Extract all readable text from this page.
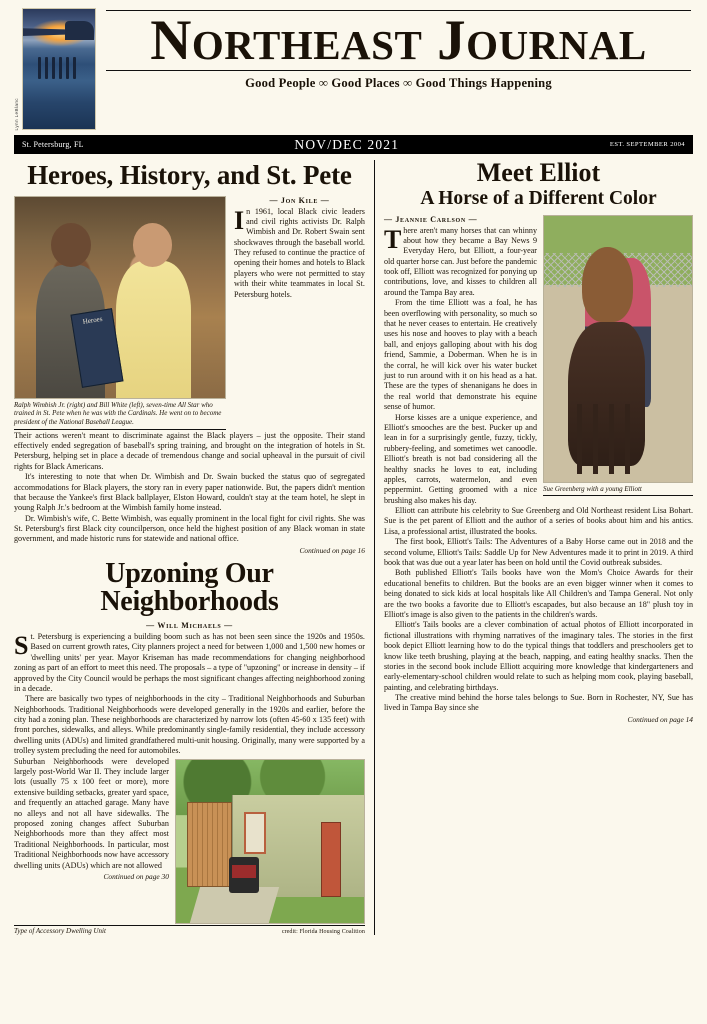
Lynn LeBlanc
NORTHEAST JOURNAL
Good People ∞ Good Places ∞ Good Things Happening
St. Petersburg, FL	NOV/DEC 2021	EST. SEPTEMBER 2004
Heroes, History, and St. Pete
Heroes
Ralph Wimbish Jr. (right) and Bill White (left), seven-time All Star who trained in St. Pete when he was with the Cardinals. He went on to become president of the National Baseball League.
— Jon Kile —

In 1961, local Black civic leaders and civil rights activists Dr. Ralph Wimbish and Dr. Robert Swain sent shockwaves through the baseball world. They refused to continue the practice of opening their homes and hotels to Black players who were not permitted to stay with their white teammates in local St. Petersburg hotels.

Their actions weren't meant to discriminate against the Black players – just the opposite. Their stand effectively ended segregation of baseball's spring training, and brought on the integration of hotels in St. Petersburg, helping set in place a decade of tremendous change and social upheaval in the pursuit of civil rights for Black Americans.

It's interesting to note that when Dr. Wimbish and Dr. Swain bucked the status quo of segregated accommodations for Black players, the story ran in every paper nationwide. But, the papers didn't mention that because the Yankee's first Black ballplayer, Elston Howard, couldn't stay at the team hotel, he slept in young Ralph Jr.'s bedroom at the Wimbish family home instead.

Dr. Wimbish's wife, C. Bette Wimbish, was equally prominent in the local fight for civil rights. She was St. Petersburg's first Black city councilperson, once held the highest position of any Black woman in state government, and made historic runs for statewide and national office.

Continued on page 16

Upzoning Our Neighborhoods
— Will Michaels —

St. Petersburg is experiencing a building boom such as has not been seen since the 1920s and 1950s. Based on current growth rates, City planners project a need for between 1,000 and 1,500 new homes or 'dwelling units' per year. Mayor Kriseman has made recommendations for changing neighborhood zoning as part of an effort to meet this need. The proposals – a type of "upzoning" or increase in density – if approved by the City Council would be perhaps the most significant changes affecting neighborhood zoning in a decade.

There are basically two types of neighborhoods in the city – Traditional Neighborhoods and Suburban Neighborhoods. Traditional Neighborhoods were developed generally in the 1920s and earlier, before the city had a zoning plan. These neighborhoods are characterized by narrow lots (often 45-60 x 135 feet) with front porches, sidewalks, and alleys. While predominantly single-family residential, they include accessory dwelling units (ADUs) and limited grandfathered multi-unit housing. Originally, many were supported by a trolley system precluding the need for automobiles.

Suburban Neighborhoods were developed largely post-World War II. They include larger lots (usually 75 x 100 feet or more), more extensive building setbacks, greater yard space, and frequently an attached garage. Many have no alleys and not all have sidewalks. The proposed zoning changes affect Suburban Neighborhoods more than they affect most Traditional Neighborhoods. In particular, most Traditional Neighborhoods now have accessory dwelling units (ADUs) which are not allowed

Continued on page 30

Type of Accessory Dwelling Unit	credit: Florida Housing Coalition
Meet Elliot
A Horse of a Different Color
Sue Greenberg with a young Elliott
— Jeannie Carlson —

There aren't many horses that can whinny about how they became a Bay News 9 Everyday Hero, but Elliott, a four-year old quarter horse can. Just before the pandemic took off, Elliott was recognized for ponying up contributions, love, and kisses to children all around the Tampa Bay area.

From the time Elliott was a foal, he has been overflowing with personality, so much so that he never ceases to entertain. He creatively uses his nose and hooves to play with a beach ball, and enjoys galloping about with his dog friend, Sammie, a Doberman. When he is in the corral, he will kick over his water bucket just to run around with it on his head as a hat. These are the types of shenanigans he does in the real world that demonstrate his equine sense of humor.

Horse kisses are a unique experience, and Elliott's smooches are the best. Pucker up and lean in for a surprisingly gentle, fuzzy, tickly, rubbery-feeling, and sometimes wet canoodle. Elliott's breath is not bad considering all the healthy snacks he loves to eat, including apples, carrots, watermelon, and even peppermint. Getting groomed with a nice brushing also makes his day.

Elliott can attribute his celebrity to Sue Greenberg and Old Northeast resident Lisa Bohart. Sue is the pet parent of Elliott and the author of a series of books about him and his antics. Lisa, a professional artist, illustrated the books.

The first book, Elliott's Tails: The Adventures of a Baby Horse came out in 2018 and the second volume, Elliott's Tails: Saddle Up for New Adventures made it to print in 2019. A third book that was due out a year later has been on hold until the Covid outbreak subsides.

Both published Elliott's Tails books have won the Mom's Choice Awards for their educational benefits to children. But the books are an even bigger winner when it comes to being donated to sick kids at local hospitals like All Children's and Tampa General. Not only are the two books a favorite due to Elliott's escapades, but also because an 18" plush toy in Elliott's image is also given to the patients in the children's wards.

Elliott's Tails books are a clever combination of actual photos of Elliott incorporated in fictional illustrations with rhyming narratives of the imaginary tales. The stories in the first book depict Elliott learning how to do the typical things that toddlers and preschoolers get to know like teeth brushing, playing at the beach, napping, and eating healthy snacks. Then the stories in the second book include Elliott acquiring more knowledge that kindergarteners and early-elementary-school children would relate to such as helping mom cook, playing baseball, painting, and celebrating birthdays.

The creative mind behind the horse tales belongs to Sue. Born in Rochester, NY, Sue has lived in Tampa Bay since she

Continued on page 14
